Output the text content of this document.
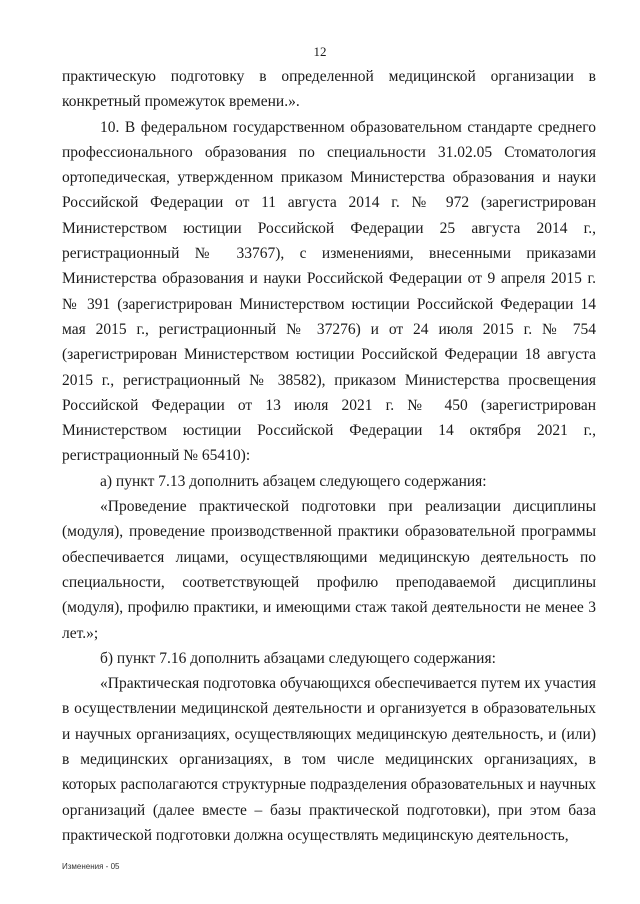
12

практическую подготовку в определенной медицинской организации в конкретный промежуток времени.».

10. В федеральном государственном образовательном стандарте среднего профессионального образования по специальности 31.02.05 Стоматология ортопедическая, утвержденном приказом Министерства образования и науки Российской Федерации от 11 августа 2014 г. № 972 (зарегистрирован Министерством юстиции Российской Федерации 25 августа 2014 г., регистрационный № 33767), с изменениями, внесенными приказами Министерства образования и науки Российской Федерации от 9 апреля 2015 г. № 391 (зарегистрирован Министерством юстиции Российской Федерации 14 мая 2015 г., регистрационный № 37276) и от 24 июля 2015 г. № 754 (зарегистрирован Министерством юстиции Российской Федерации 18 августа 2015 г., регистрационный № 38582), приказом Министерства просвещения Российской Федерации от 13 июля 2021 г. № 450 (зарегистрирован Министерством юстиции Российской Федерации 14 октября 2021 г., регистрационный № 65410):

а) пункт 7.13 дополнить абзацем следующего содержания:

«Проведение практической подготовки при реализации дисциплины (модуля), проведение производственной практики образовательной программы обеспечивается лицами, осуществляющими медицинскую деятельность по специальности, соответствующей профилю преподаваемой дисциплины (модуля), профилю практики, и имеющими стаж такой деятельности не менее 3 лет.»;

б) пункт 7.16 дополнить абзацами следующего содержания:

«Практическая подготовка обучающихся обеспечивается путем их участия в осуществлении медицинской деятельности и организуется в образовательных и научных организациях, осуществляющих медицинскую деятельность, и (или) в медицинских организациях, в том числе медицинских организациях, в которых располагаются структурные подразделения образовательных и научных организаций (далее вместе – базы практической подготовки), при этом база практической подготовки должна осуществлять медицинскую деятельность,

Изменения - 05
